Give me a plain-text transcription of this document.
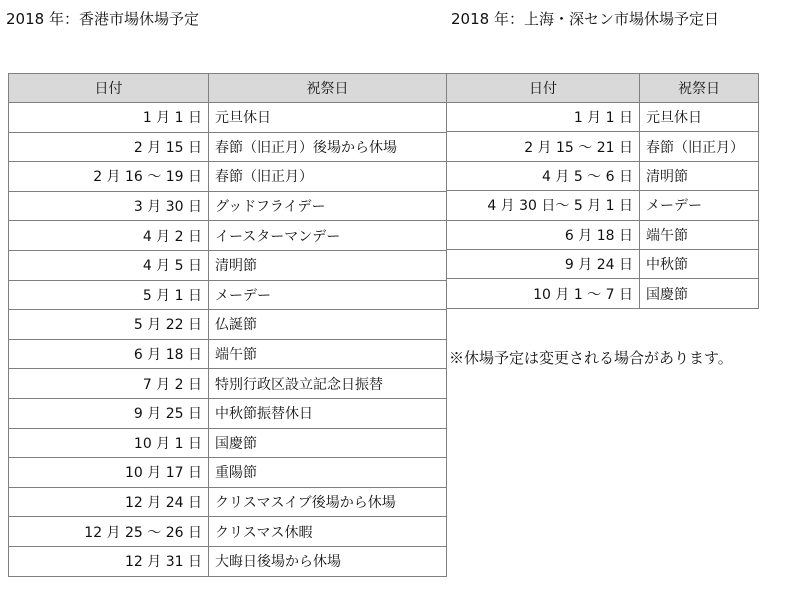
2018 年：香港市場休場予定	2018 年：上海・深セン市場休場予定日
日付	祝祭日
1 月 1 日	元旦休日
2 月 15 日	春節（旧正月）後場から休場
2 月 16 ～ 19 日	春節（旧正月）
3 月 30 日	グッドフライデー
4 月 2 日	イースターマンデー
4 月 5 日	清明節
5 月 1 日	メーデー
5 月 22 日	仏誕節
6 月 18 日	端午節
7 月 2 日	特別行政区設立記念日振替
9 月 25 日	中秋節振替休日
10 月 1 日	国慶節
10 月 17 日	重陽節
12 月 24 日	クリスマスイブ後場から休場
12 月 25 ～ 26 日	クリスマス休暇
12 月 31 日	大晦日後場から休場
日付	祝祭日
1 月 1 日	元旦休日
2 月 15 ～ 21 日	春節（旧正月）
4 月 5 ～ 6 日	清明節
4 月 30 日～ 5 月 1 日	メーデー
6 月 18 日	端午節
9 月 24 日	中秋節
10 月 1 ～ 7 日	国慶節
※休場予定は変更される場合があります。
